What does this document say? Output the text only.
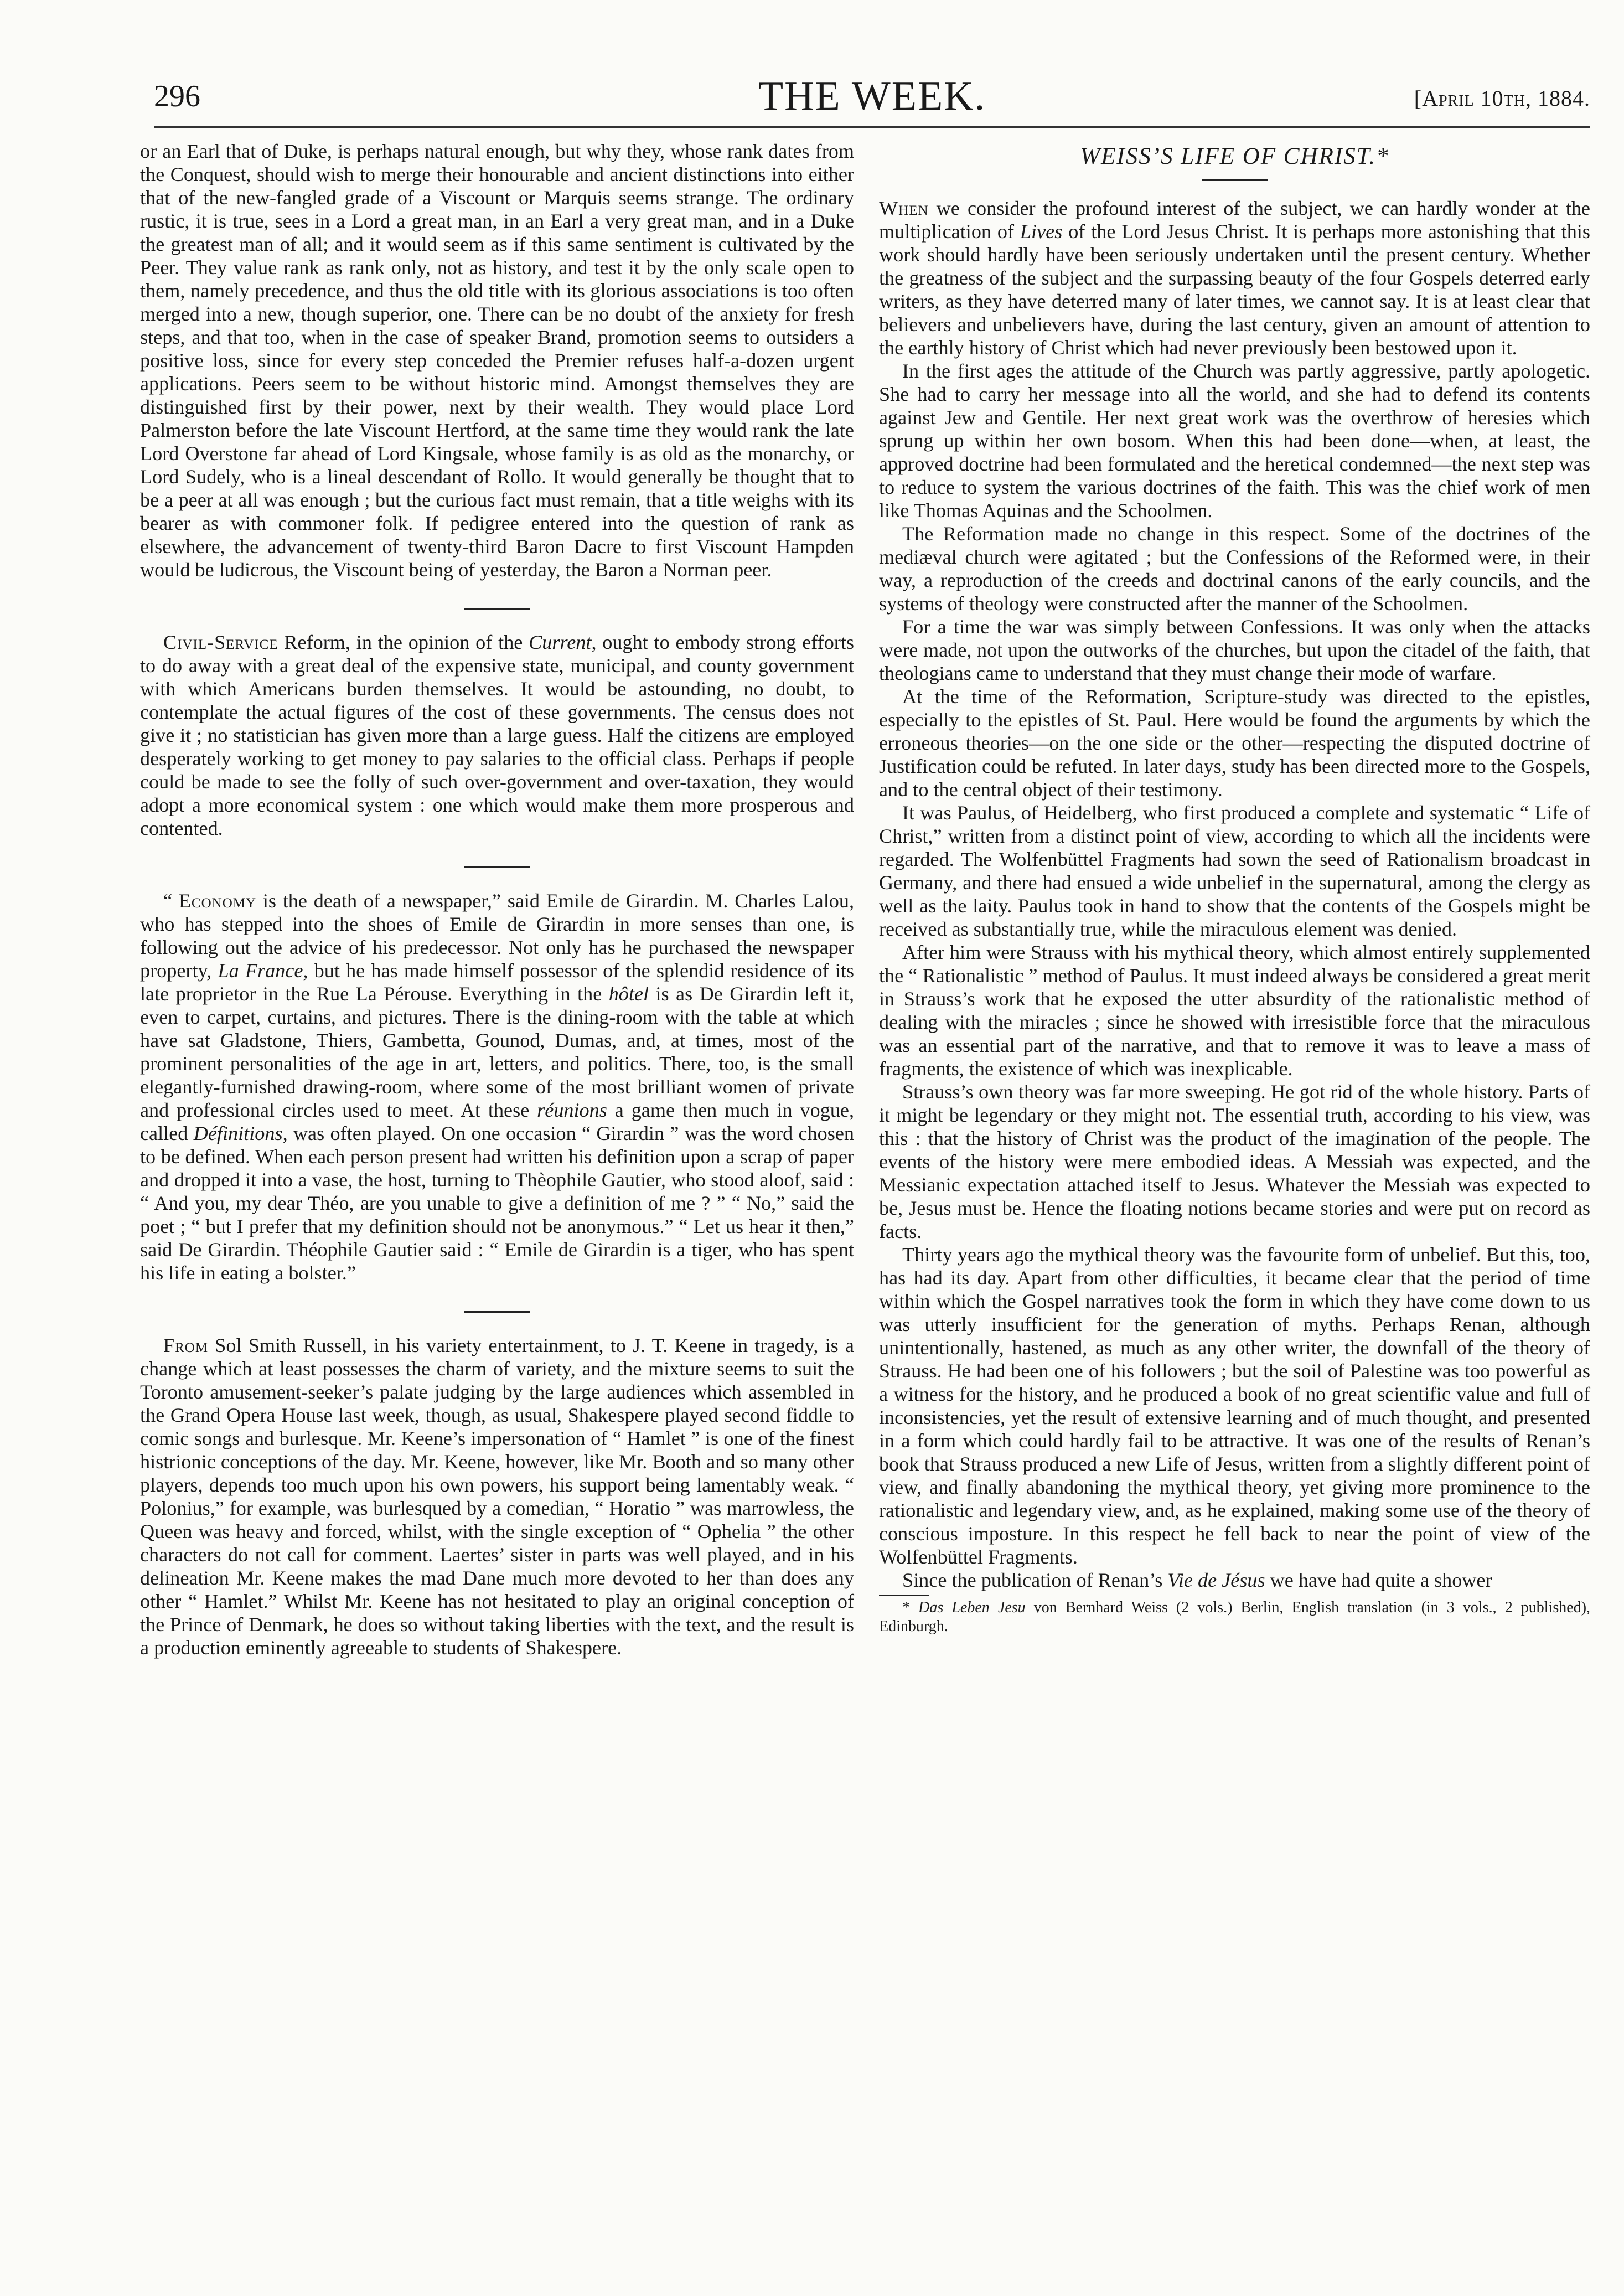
296	THE WEEK.	[April 10th, 1884.

or an Earl that of Duke, is perhaps natural enough, but why they, whose rank dates from the Conquest, should wish to merge their honourable and ancient distinctions into either that of the new-fangled grade of a Viscount or Marquis seems strange. The ordinary rustic, it is true, sees in a Lord a great man, in an Earl a very great man, and in a Duke the greatest man of all; and it would seem as if this same sentiment is cultivated by the Peer. They value rank as rank only, not as history, and test it by the only scale open to them, namely precedence, and thus the old title with its glorious associations is too often merged into a new, though superior, one. There can be no doubt of the anxiety for fresh steps, and that too, when in the case of speaker Brand, promotion seems to outsiders a positive loss, since for every step conceded the Premier refuses half-a-dozen urgent applications. Peers seem to be without historic mind. Amongst themselves they are distinguished first by their power, next by their wealth. They would place Lord Palmerston before the late Viscount Hertford, at the same time they would rank the late Lord Overstone far ahead of Lord Kingsale, whose family is as old as the monarchy, or Lord Sudely, who is a lineal descendant of Rollo. It would generally be thought that to be a peer at all was enough ; but the curious fact must remain, that a title weighs with its bearer as with commoner folk. If pedigree entered into the question of rank as elsewhere, the advancement of twenty-third Baron Dacre to first Viscount Hampden would be ludicrous, the Viscount being of yesterday, the Baron a Norman peer.

Civil-Service Reform, in the opinion of the Current, ought to embody strong efforts to do away with a great deal of the expensive state, municipal, and county government with which Americans burden themselves. It would be astounding, no doubt, to contemplate the actual figures of the cost of these governments. The census does not give it ; no statistician has given more than a large guess. Half the citizens are employed desperately working to get money to pay salaries to the official class. Perhaps if people could be made to see the folly of such over-government and over-taxation, they would adopt a more economical system : one which would make them more prosperous and contented.

“ Economy is the death of a newspaper,” said Emile de Girardin. M. Charles Lalou, who has stepped into the shoes of Emile de Girardin in more senses than one, is following out the advice of his predecessor. Not only has he purchased the newspaper property, La France, but he has made himself possessor of the splendid residence of its late proprietor in the Rue La Pérouse. Everything in the hôtel is as De Girardin left it, even to carpet, curtains, and pictures. There is the dining-room with the table at which have sat Gladstone, Thiers, Gambetta, Gounod, Dumas, and, at times, most of the prominent personalities of the age in art, letters, and politics. There, too, is the small elegantly-furnished drawing-room, where some of the most brilliant women of private and professional circles used to meet. At these réunions a game then much in vogue, called Définitions, was often played. On one occasion “ Girardin ” was the word chosen to be defined. When each person present had written his definition upon a scrap of paper and dropped it into a vase, the host, turning to Thèophile Gautier, who stood aloof, said : “ And you, my dear Théo, are you unable to give a definition of me ? ” “ No,” said the poet ; “ but I prefer that my definition should not be anonymous.” “ Let us hear it then,” said De Girardin. Théophile Gautier said : “ Emile de Girardin is a tiger, who has spent his life in eating a bolster.”

From Sol Smith Russell, in his variety entertainment, to J. T. Keene in tragedy, is a change which at least possesses the charm of variety, and the mixture seems to suit the Toronto amusement-seeker’s palate judging by the large audiences which assembled in the Grand Opera House last week, though, as usual, Shakespere played second fiddle to comic songs and burlesque. Mr. Keene’s impersonation of “ Hamlet ” is one of the finest histrionic conceptions of the day. Mr. Keene, however, like Mr. Booth and so many other players, depends too much upon his own powers, his support being lamentably weak. “ Polonius,” for example, was burlesqued by a comedian, “ Horatio ” was marrowless, the Queen was heavy and forced, whilst, with the single exception of “ Ophelia ” the other characters do not call for comment. Laertes’ sister in parts was well played, and in his delineation Mr. Keene makes the mad Dane much more devoted to her than does any other “ Hamlet.” Whilst Mr. Keene has not hesitated to play an original conception of the Prince of Denmark, he does so without taking liberties with the text, and the result is a production eminently agreeable to students of Shakespere.

WEISS’S LIFE OF CHRIST.*

When we consider the profound interest of the subject, we can hardly wonder at the multiplication of Lives of the Lord Jesus Christ. It is perhaps more astonishing that this work should hardly have been seriously undertaken until the present century. Whether the greatness of the subject and the surpassing beauty of the four Gospels deterred early writers, as they have deterred many of later times, we cannot say. It is at least clear that believers and unbelievers have, during the last century, given an amount of attention to the earthly history of Christ which had never previously been bestowed upon it.

In the first ages the attitude of the Church was partly aggressive, partly apologetic. She had to carry her message into all the world, and she had to defend its contents against Jew and Gentile. Her next great work was the overthrow of heresies which sprung up within her own bosom. When this had been done—when, at least, the approved doctrine had been formulated and the heretical condemned—the next step was to reduce to system the various doctrines of the faith. This was the chief work of men like Thomas Aquinas and the Schoolmen.

The Reformation made no change in this respect. Some of the doctrines of the mediæval church were agitated ; but the Confessions of the Reformed were, in their way, a reproduction of the creeds and doctrinal canons of the early councils, and the systems of theology were constructed after the manner of the Schoolmen.

For a time the war was simply between Confessions. It was only when the attacks were made, not upon the outworks of the churches, but upon the citadel of the faith, that theologians came to understand that they must change their mode of warfare.

At the time of the Reformation, Scripture-study was directed to the epistles, especially to the epistles of St. Paul. Here would be found the arguments by which the erroneous theories—on the one side or the other—respecting the disputed doctrine of Justification could be refuted. In later days, study has been directed more to the Gospels, and to the central object of their testimony.

It was Paulus, of Heidelberg, who first produced a complete and systematic “ Life of Christ,” written from a distinct point of view, according to which all the incidents were regarded. The Wolfenbüttel Fragments had sown the seed of Rationalism broadcast in Germany, and there had ensued a wide unbelief in the supernatural, among the clergy as well as the laity. Paulus took in hand to show that the contents of the Gospels might be received as substantially true, while the miraculous element was denied.

After him were Strauss with his mythical theory, which almost entirely supplemented the “ Rationalistic ” method of Paulus. It must indeed always be considered a great merit in Strauss’s work that he exposed the utter absurdity of the rationalistic method of dealing with the miracles ; since he showed with irresistible force that the miraculous was an essential part of the narrative, and that to remove it was to leave a mass of fragments, the existence of which was inexplicable.

Strauss’s own theory was far more sweeping. He got rid of the whole history. Parts of it might be legendary or they might not. The essential truth, according to his view, was this : that the history of Christ was the product of the imagination of the people. The events of the history were mere embodied ideas. A Messiah was expected, and the Messianic expectation attached itself to Jesus. Whatever the Messiah was expected to be, Jesus must be. Hence the floating notions became stories and were put on record as facts.

Thirty years ago the mythical theory was the favourite form of unbelief. But this, too, has had its day. Apart from other difficulties, it became clear that the period of time within which the Gospel narratives took the form in which they have come down to us was utterly insufficient for the generation of myths. Perhaps Renan, although unintentionally, hastened, as much as any other writer, the downfall of the theory of Strauss. He had been one of his followers ; but the soil of Palestine was too powerful as a witness for the history, and he produced a book of no great scientific value and full of inconsistencies, yet the result of extensive learning and of much thought, and presented in a form which could hardly fail to be attractive. It was one of the results of Renan’s book that Strauss produced a new Life of Jesus, written from a slightly different point of view, and finally abandoning the mythical theory, yet giving more prominence to the rationalistic and legendary view, and, as he explained, making some use of the theory of conscious imposture. In this respect he fell back to near the point of view of the Wolfenbüttel Fragments.

Since the publication of Renan’s Vie de Jésus we have had quite a shower

* Das Leben Jesu von Bernhard Weiss (2 vols.) Berlin, English translation (in 3 vols., 2 published), Edinburgh.
